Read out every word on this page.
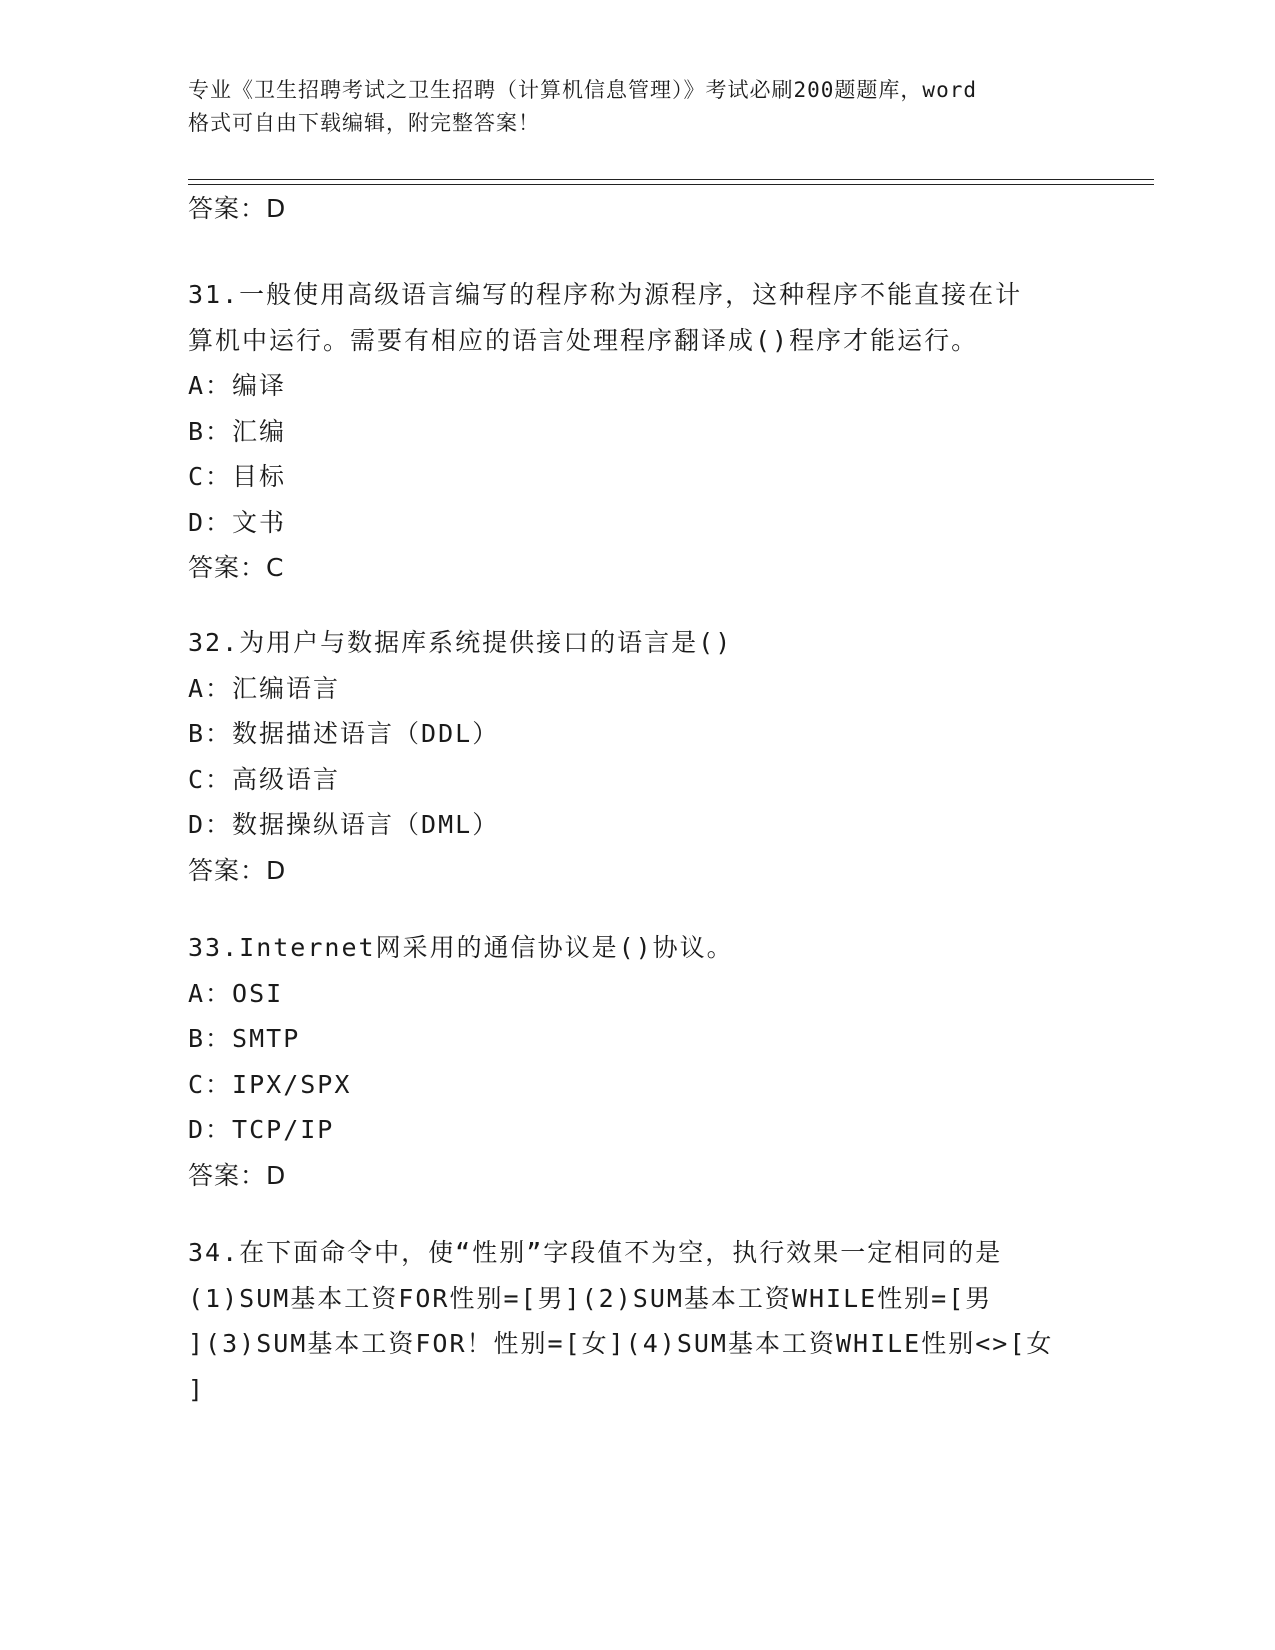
专业《卫生招聘考试之卫生招聘（计算机信息管理）》考试必刷200题题库，word
格式可自由下载编辑，附完整答案！
答案：D
31.一般使用高级语言编写的程序称为源程序，这种程序不能直接在计
算机中运行。需要有相应的语言处理程序翻译成()程序才能运行。
A：编译
B：汇编
C：目标
D：文书
答案：C
32.为用户与数据库系统提供接口的语言是()
A：汇编语言
B：数据描述语言（DDL）
C：高级语言
D：数据操纵语言（DML）
答案：D
33.Internet网采用的通信协议是()协议。
A：OSI
B：SMTP
C：IPX/SPX
D：TCP/IP
答案：D
34.在下面命令中，使“性别”字段值不为空，执行效果一定相同的是
(1)SUM基本工资FOR性别=[男](2)SUM基本工资WHILE性别=[男
](3)SUM基本工资FOR！性别=[女](4)SUM基本工资WHILE性别<>[女
]
